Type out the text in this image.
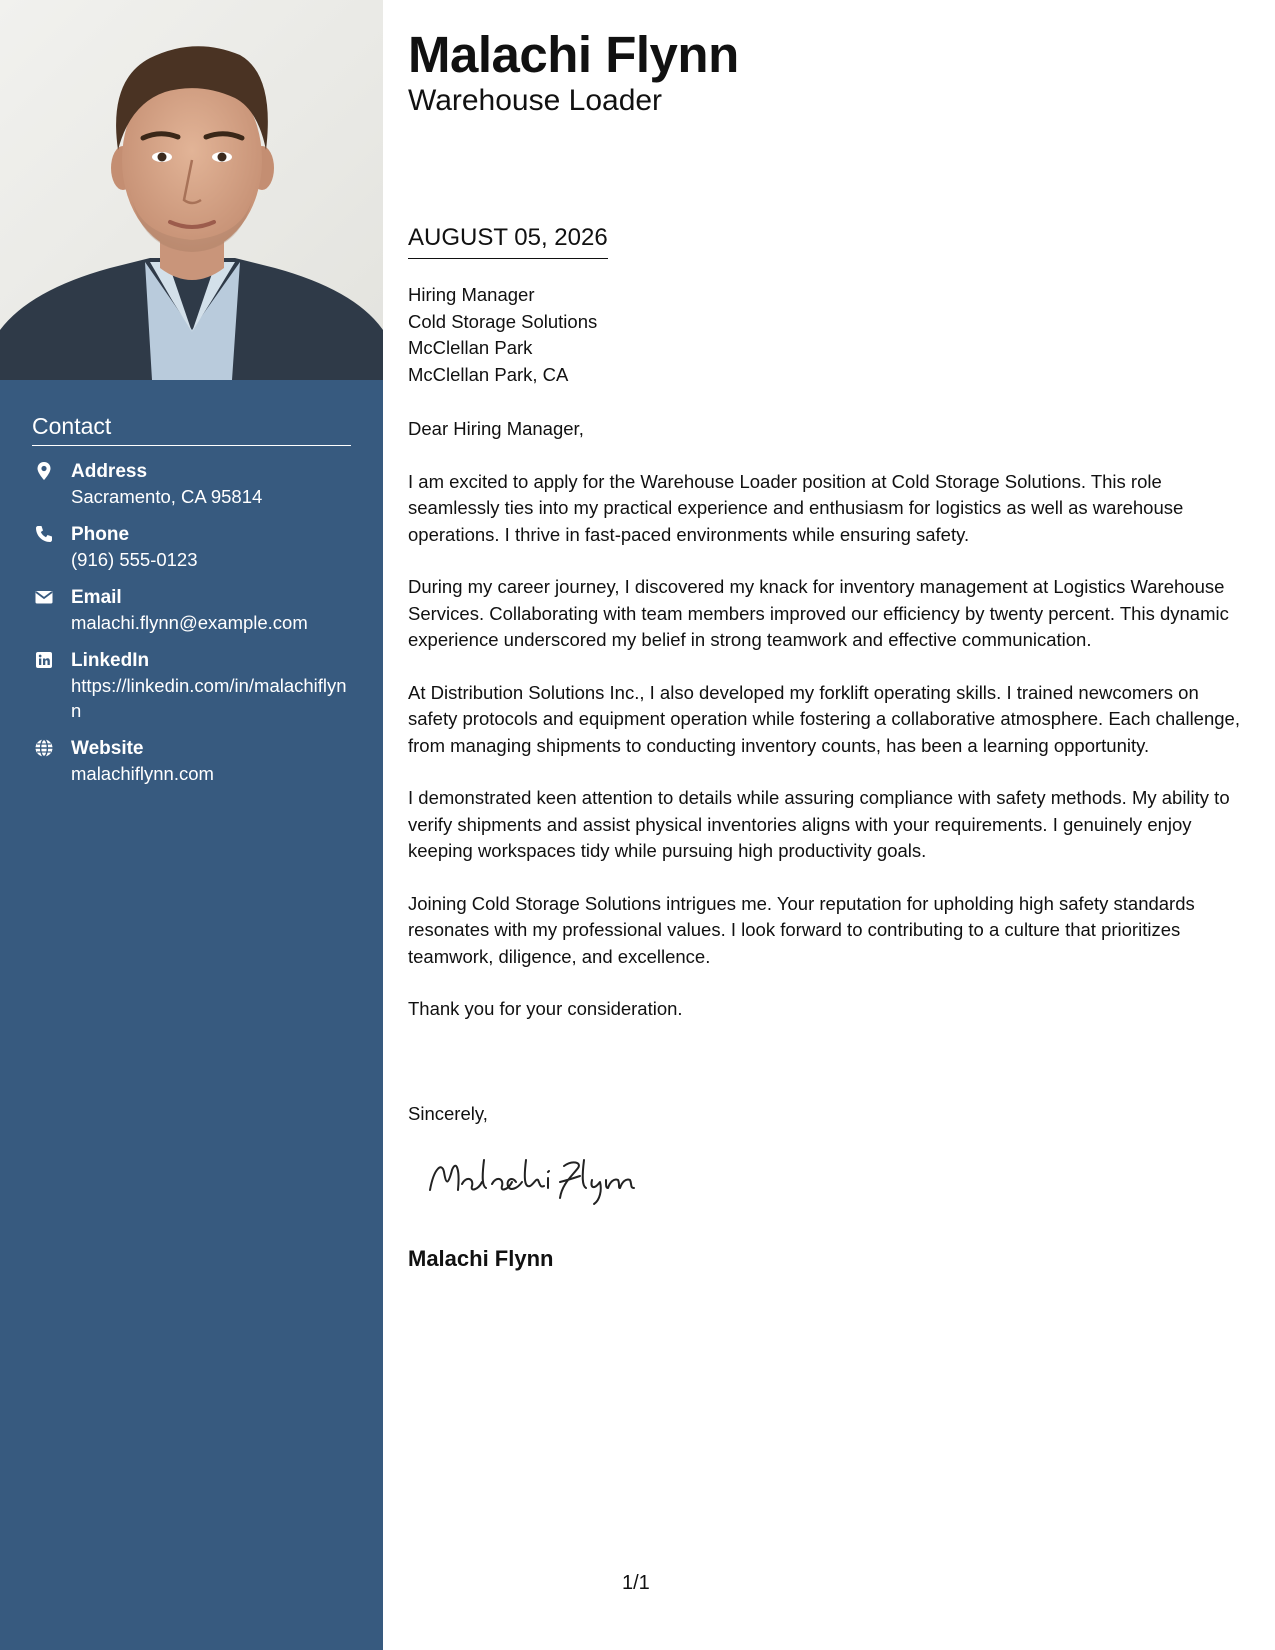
Contact
Address
Sacramento, CA 95814
Phone
(916) 555-0123
Email
malachi.flynn@example.com
LinkedIn
https://linkedin.com/in/malachiflynn
Website
malachiflynn.com
Malachi Flynn
Warehouse Loader
AUGUST 05, 2026
Hiring Manager
Cold Storage Solutions
McClellan Park
McClellan Park, CA

Dear Hiring Manager,

I am excited to apply for the Warehouse Loader position at Cold Storage Solutions. This role seamlessly ties into my practical experience and enthusiasm for logistics as well as warehouse operations. I thrive in fast-paced environments while ensuring safety.

During my career journey, I discovered my knack for inventory management at Logistics Warehouse Services. Collaborating with team members improved our efficiency by twenty percent. This dynamic experience underscored my belief in strong teamwork and effective communication.

At Distribution Solutions Inc., I also developed my forklift operating skills. I trained newcomers on safety protocols and equipment operation while fostering a collaborative atmosphere. Each challenge, from managing shipments to conducting inventory counts, has been a learning opportunity.

I demonstrated keen attention to details while assuring compliance with safety methods. My ability to verify shipments and assist physical inventories aligns with your requirements. I genuinely enjoy keeping workspaces tidy while pursuing high productivity goals.

Joining Cold Storage Solutions intrigues me. Your reputation for upholding high safety standards resonates with my professional values. I look forward to contributing to a culture that prioritizes teamwork, diligence, and excellence.

Thank you for your consideration.

Sincerely,
Malachi Flynn
1/1
